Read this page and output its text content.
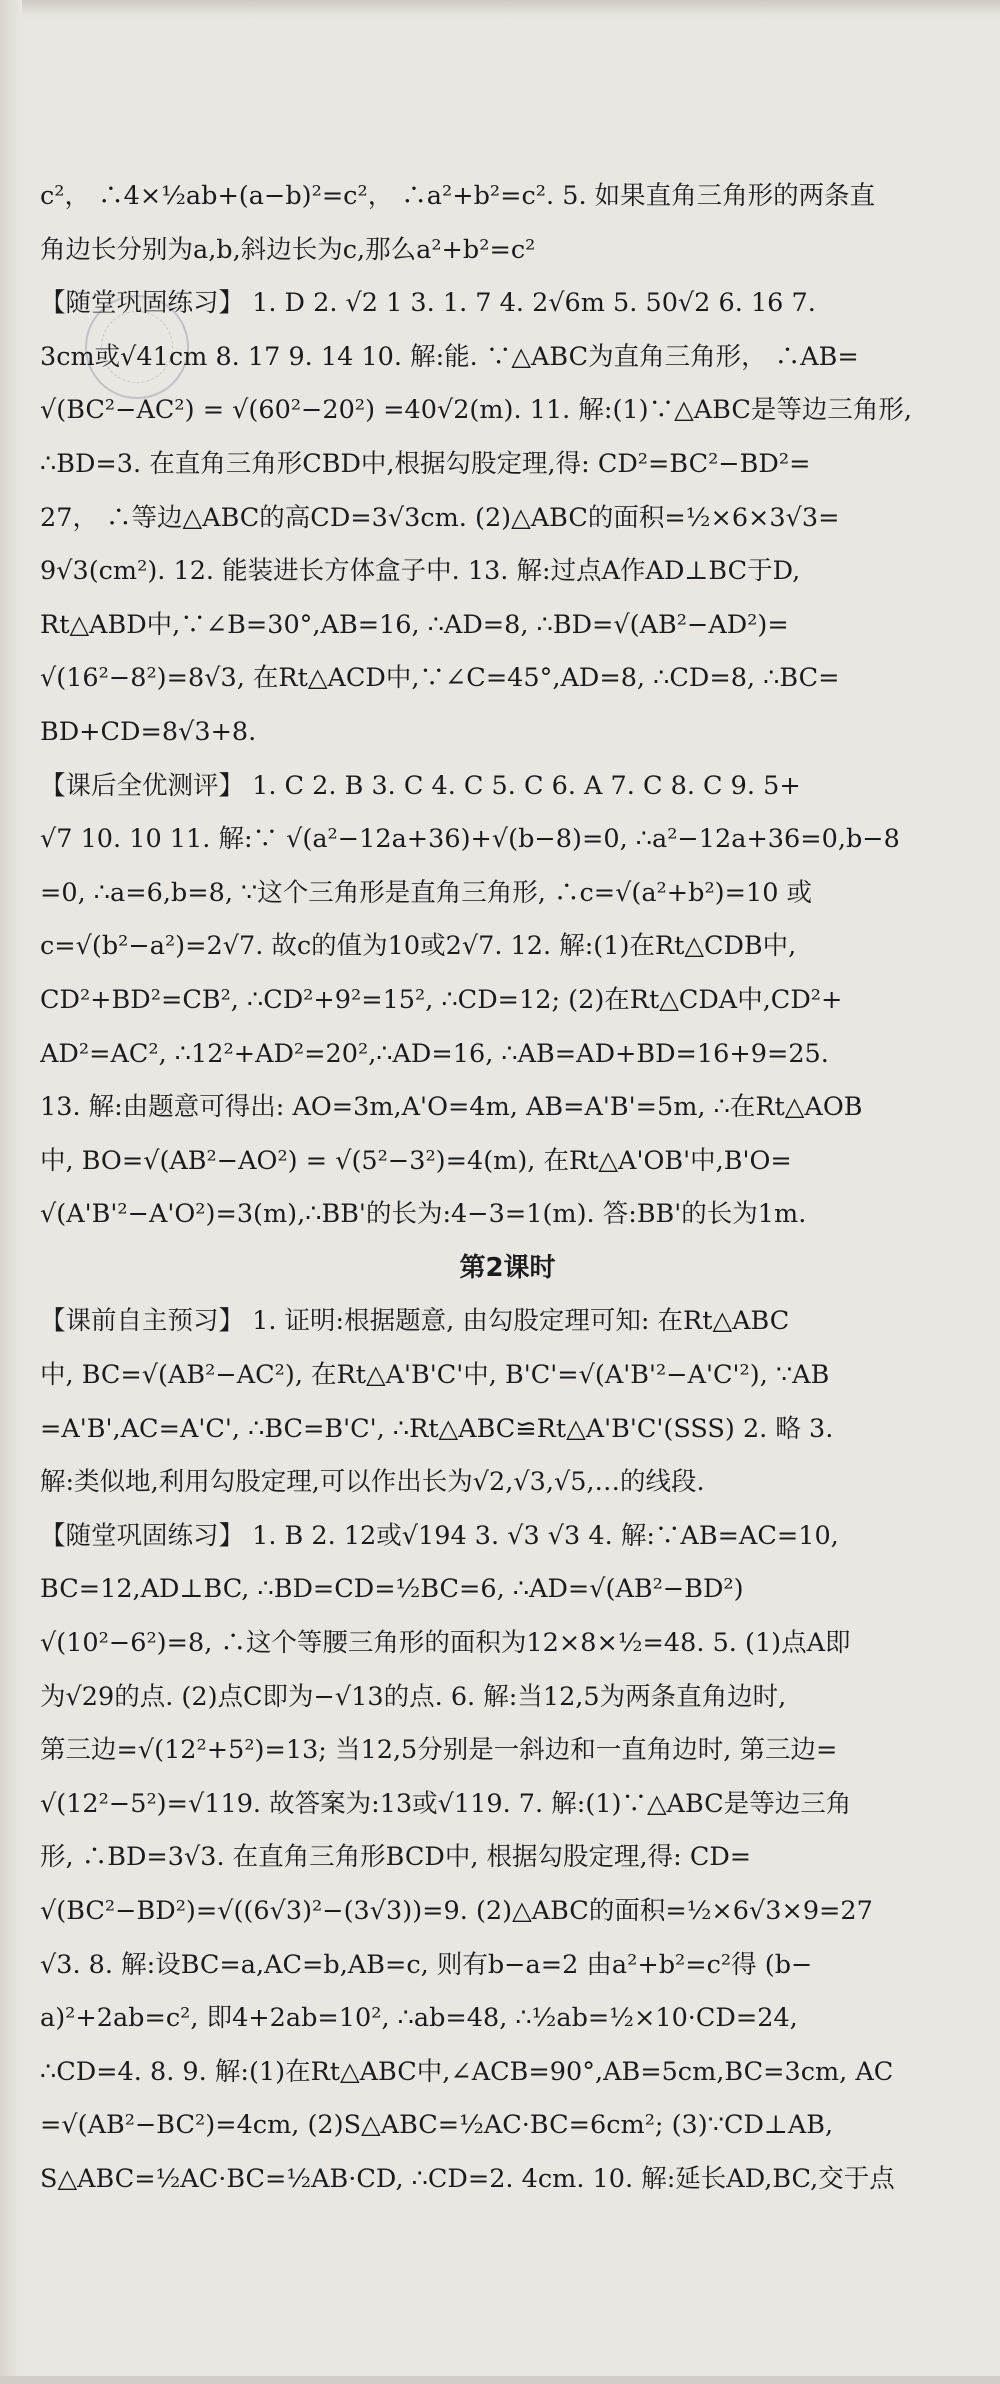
c²， ∴4×½ab+(a−b)²=c²， ∴a²+b²=c². 5. 如果直角三角形的两条直
角边长分别为a,b,斜边长为c,那么a²+b²=c²
【随堂巩固练习】 1. D 2. √2 1 3. 1. 7 4. 2√6m 5. 50√2 6. 16 7.
3cm或√41cm 8. 17 9. 14 10. 解:能. ∵△ABC为直角三角形， ∴AB=
√(BC²−AC²) = √(60²−20²) =40√2(m). 11. 解:(1)∵△ABC是等边三角形,
∴BD=3. 在直角三角形CBD中,根据勾股定理,得: CD²=BC²−BD²=
27， ∴等边△ABC的高CD=3√3cm. (2)△ABC的面积=½×6×3√3=
9√3(cm²). 12. 能装进长方体盒子中. 13. 解:过点A作AD⊥BC于D,
Rt△ABD中,∵∠B=30°,AB=16, ∴AD=8, ∴BD=√(AB²−AD²)=
√(16²−8²)=8√3, 在Rt△ACD中,∵∠C=45°,AD=8, ∴CD=8, ∴BC=
BD+CD=8√3+8.
【课后全优测评】 1. C 2. B 3. C 4. C 5. C 6. A 7. C 8. C 9. 5+
√7 10. 10 11. 解:∵ √(a²−12a+36)+√(b−8)=0, ∴a²−12a+36=0,b−8
=0, ∴a=6,b=8, ∵这个三角形是直角三角形, ∴c=√(a²+b²)=10 或
c=√(b²−a²)=2√7. 故c的值为10或2√7. 12. 解:(1)在Rt△CDB中,
CD²+BD²=CB², ∴CD²+9²=15², ∴CD=12; (2)在Rt△CDA中,CD²+
AD²=AC², ∴12²+AD²=20²,∴AD=16, ∴AB=AD+BD=16+9=25.
13. 解:由题意可得出: AO=3m,A'O=4m, AB=A'B'=5m, ∴在Rt△AOB
中, BO=√(AB²−AO²) = √(5²−3²)=4(m), 在Rt△A'OB'中,B'O=
√(A'B'²−A'O²)=3(m),∴BB'的长为:4−3=1(m). 答:BB'的长为1m.
第2课时
【课前自主预习】 1. 证明:根据题意, 由勾股定理可知: 在Rt△ABC
中, BC=√(AB²−AC²), 在Rt△A'B'C'中, B'C'=√(A'B'²−A'C'²), ∵AB
=A'B',AC=A'C', ∴BC=B'C', ∴Rt△ABC≌Rt△A'B'C'(SSS) 2. 略 3.
解:类似地,利用勾股定理,可以作出长为√2,√3,√5,…的线段.
【随堂巩固练习】 1. B 2. 12或√194 3. √3 √3 4. 解:∵AB=AC=10,
BC=12,AD⊥BC, ∴BD=CD=½BC=6, ∴AD=√(AB²−BD²)
√(10²−6²)=8, ∴这个等腰三角形的面积为12×8×½=48. 5. (1)点A即
为√29的点. (2)点C即为−√13的点. 6. 解:当12,5为两条直角边时,
第三边=√(12²+5²)=13; 当12,5分别是一斜边和一直角边时, 第三边=
√(12²−5²)=√119. 故答案为:13或√119. 7. 解:(1)∵△ABC是等边三角
形, ∴BD=3√3. 在直角三角形BCD中, 根据勾股定理,得: CD=
√(BC²−BD²)=√((6√3)²−(3√3))=9. (2)△ABC的面积=½×6√3×9=27
√3. 8. 解:设BC=a,AC=b,AB=c, 则有b−a=2 由a²+b²=c²得 (b−
a)²+2ab=c², 即4+2ab=10², ∴ab=48, ∴½ab=½×10·CD=24,
∴CD=4. 8. 9. 解:(1)在Rt△ABC中,∠ACB=90°,AB=5cm,BC=3cm, AC
=√(AB²−BC²)=4cm, (2)S△ABC=½AC·BC=6cm²; (3)∵CD⊥AB,
S△ABC=½AC·BC=½AB·CD, ∴CD=2. 4cm. 10. 解:延长AD,BC,交于点
